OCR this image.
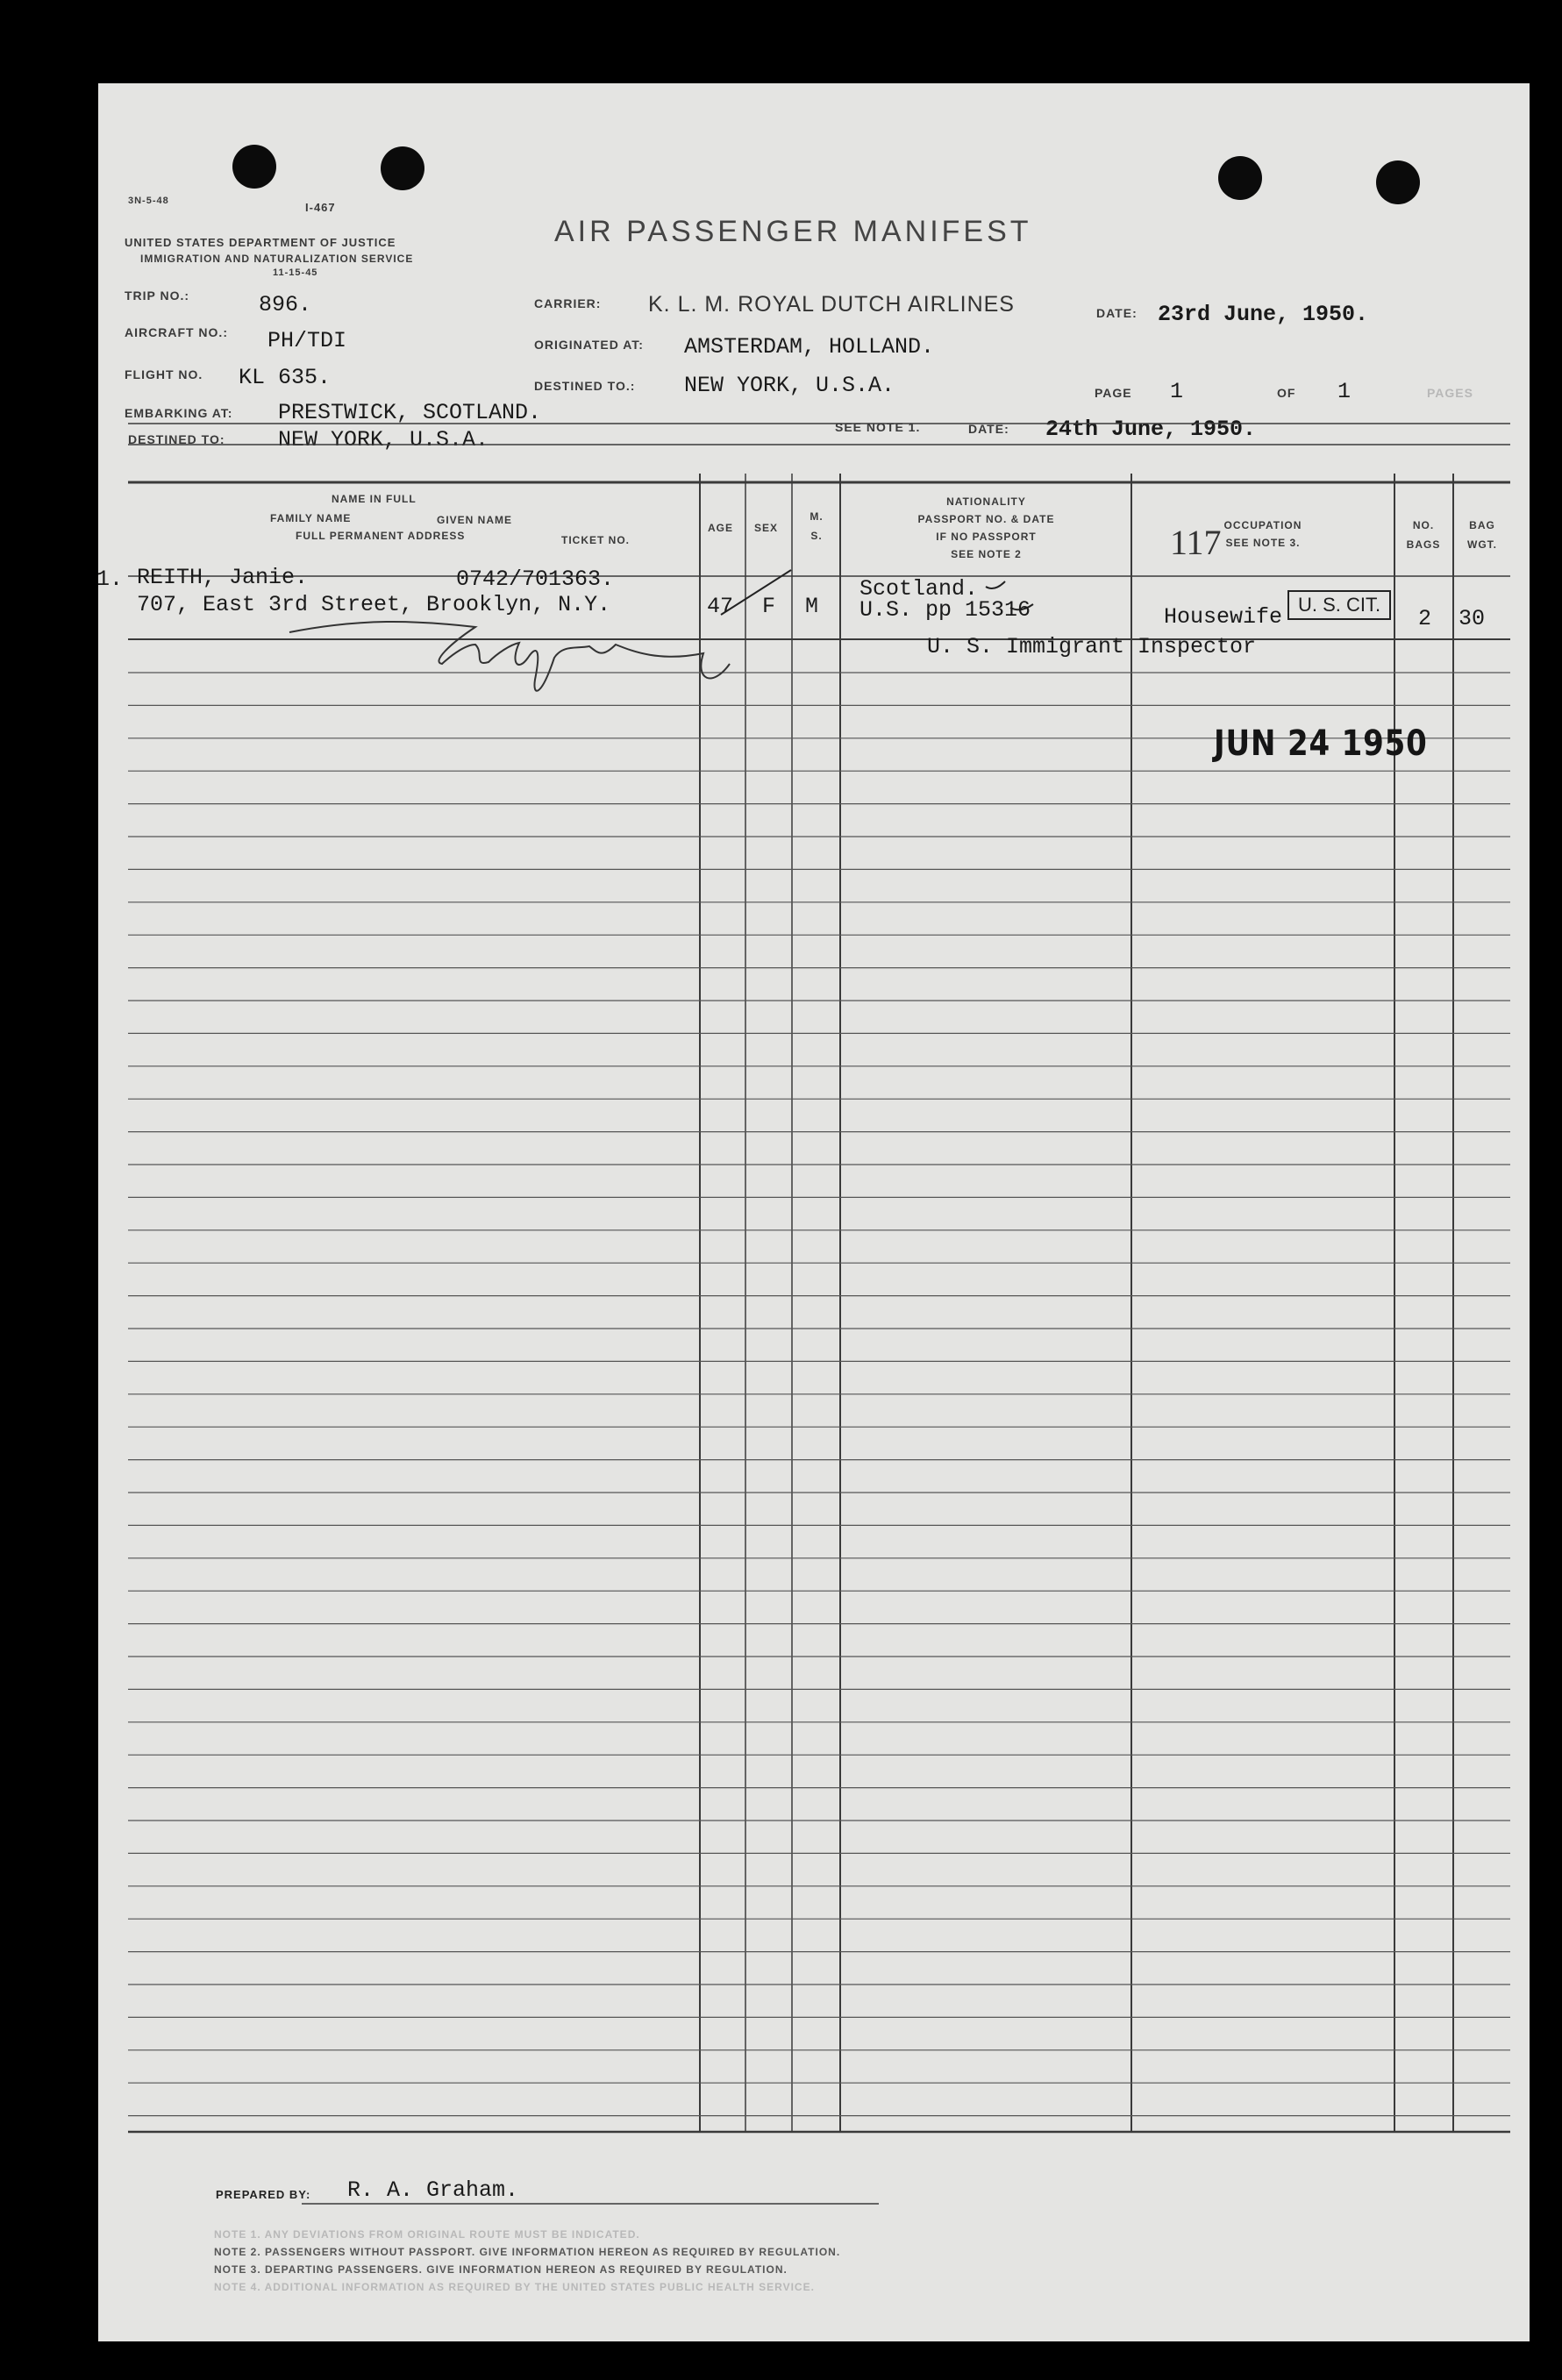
3N-5-48	I-467
UNITED STATES DEPARTMENT OF JUSTICE
IMMIGRATION AND NATURALIZATION SERVICE
11-15-45
TRIP NO.:	896.
AIRCRAFT NO.: PH/TDI
FLIGHT NO. KL 635.
EMBARKING AT: PRESTWICK, SCOTLAND.
DESTINED TO: NEW YORK, U.S.A.
AIR PASSENGER MANIFEST
CARRIER: K. L. M. ROYAL DUTCH AIRLINES	DATE: 23rd June, 1950.
ORIGINATED AT: AMSTERDAM, HOLLAND.
DESTINED TO.: NEW YORK, U.S.A.	PAGE 1	OF 1	PAGES
SEE NOTE 1.	DATE: 24th June, 1950.
NAME IN FULL
FAMILY NAME	GIVEN NAME
FULL PERMANENT ADDRESS	TICKET NO.
AGE SEX
M. S.
NATIONALITY
PASSPORT NO. & DATE
IF NO PASSPORT
SEE NOTE 2
OCCUPATION
SEE NOTE 3.
NO. BAGS
BAG WGT.
1. REITH, Janie.	0742/701363.
707, East 3rd Street, Brooklyn, N.Y.	47 F M
Scotland.
U.S. pp 15316	Housewife	2 30
117
U. S. CIT.
U. S. Immigrant Inspector
JUN 24 1950
PREPARED BY: R. A. Graham.
NOTE 1. ANY DEVIATIONS FROM ORIGINAL ROUTE MUST BE INDICATED.
NOTE 2. PASSENGERS WITHOUT PASSPORT. GIVE INFORMATION HEREON AS REQUIRED BY REGULATION.
NOTE 3. DEPARTING PASSENGERS. GIVE INFORMATION HEREON AS REQUIRED BY REGULATION.
NOTE 4. ADDITIONAL INFORMATION AS REQUIRED BY THE UNITED STATES PUBLIC HEALTH SERVICE.
